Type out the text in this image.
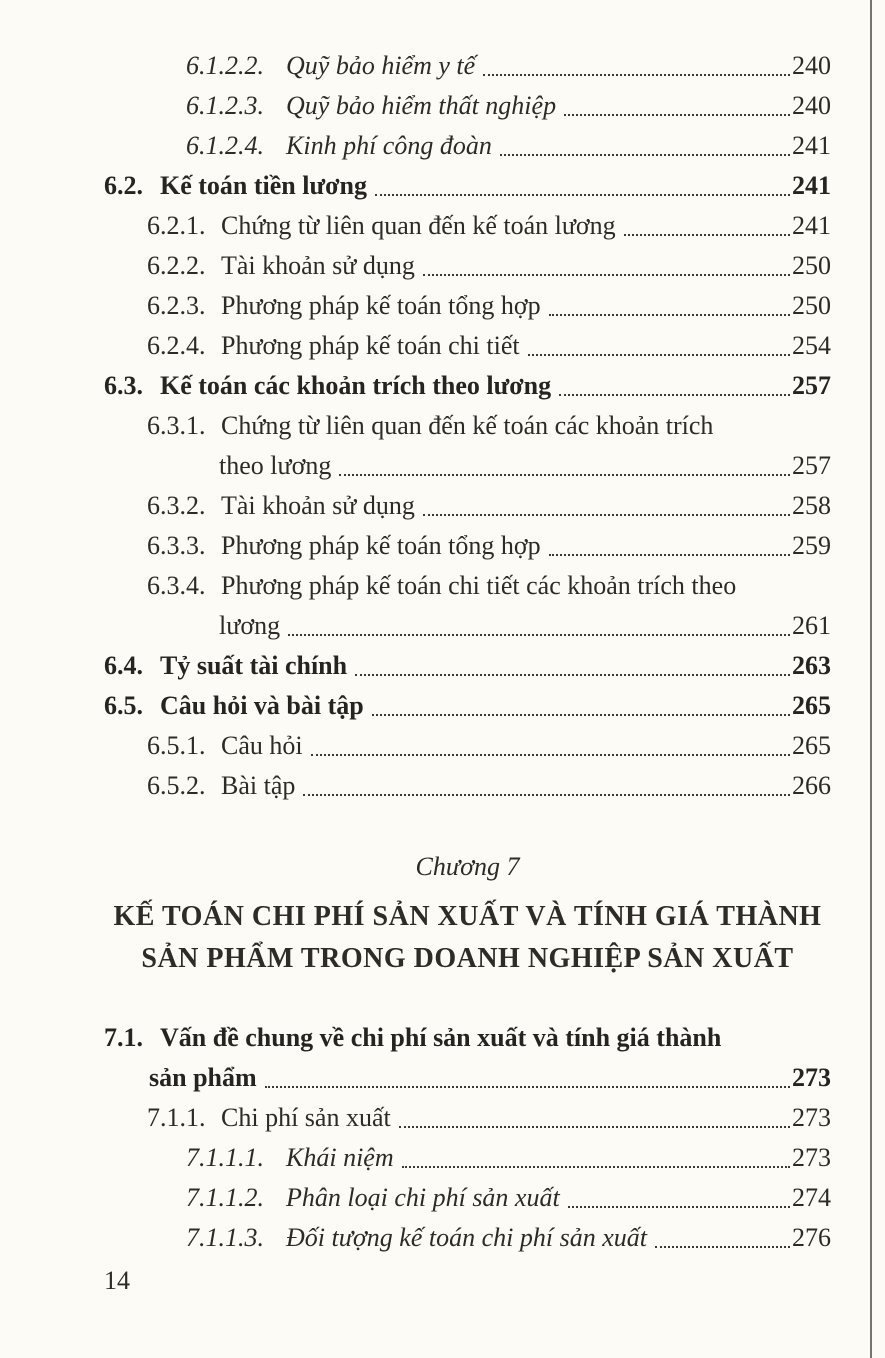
6.1.2.2. Quỹ bảo hiểm y tế	240
6.1.2.3. Quỹ bảo hiểm thất nghiệp	240
6.1.2.4. Kinh phí công đoàn	241
6.2. Kế toán tiền lương	241
6.2.1. Chứng từ liên quan đến kế toán lương	241
6.2.2. Tài khoản sử dụng	250
6.2.3. Phương pháp kế toán tổng hợp	250
6.2.4. Phương pháp kế toán chi tiết	254
6.3. Kế toán các khoản trích theo lương	257
6.3.1. Chứng từ liên quan đến kế toán các khoản trích
theo lương	257
6.3.2. Tài khoản sử dụng	258
6.3.3. Phương pháp kế toán tổng hợp	259
6.3.4. Phương pháp kế toán chi tiết các khoản trích theo
lương	261
6.4. Tỷ suất tài chính	263
6.5. Câu hỏi và bài tập	265
6.5.1. Câu hỏi	265
6.5.2. Bài tập	266
Chương 7
KẾ TOÁN CHI PHÍ SẢN XUẤT VÀ TÍNH GIÁ THÀNH
SẢN PHẨM TRONG DOANH NGHIỆP SẢN XUẤT
7.1. Vấn đề chung về chi phí sản xuất và tính giá thành
sản phẩm	273
7.1.1. Chi phí sản xuất	273
7.1.1.1. Khái niệm	273
7.1.1.2. Phân loại chi phí sản xuất	274
7.1.1.3. Đối tượng kế toán chi phí sản xuất	276
14
